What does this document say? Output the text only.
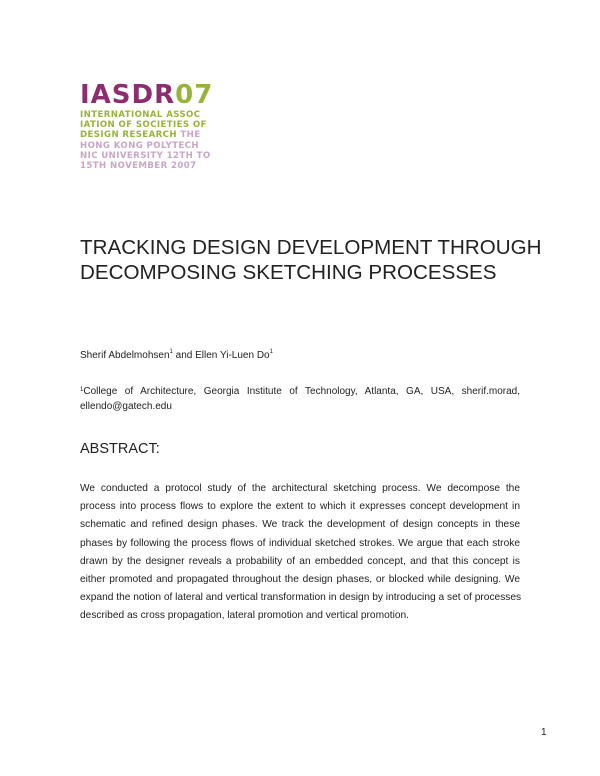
IASDR07
INTERNATIONAL ASSOC
IATION OF SOCIETIES OF
DESIGN RESEARCH THE
HONG KONG POLYTECH
NIC UNIVERSITY 12TH TO
15TH NOVEMBER 2007
TRACKING DESIGN DEVELOPMENT THROUGH
DECOMPOSING SKETCHING PROCESSES
Sherif Abdelmohsen$^1$ and Ellen Yi-Luen Do$^1$
$^1$College of Architecture, Georgia Institute of Technology, Atlanta, GA, USA, sherif.morad,
ellendo@gatech.edu
ABSTRACT:
We conducted a protocol study of the architectural sketching process. We decompose the
process into process flows to explore the extent to which it expresses concept development in
schematic and refined design phases. We track the development of design concepts in these
phases by following the process flows of individual sketched strokes. We argue that each stroke
drawn by the designer reveals a probability of an embedded concept, and that this concept is
either promoted and propagated throughout the design phases, or blocked while designing. We
expand the notion of lateral and vertical transformation in design by introducing a set of processes
described as cross propagation, lateral promotion and vertical promotion.
1
